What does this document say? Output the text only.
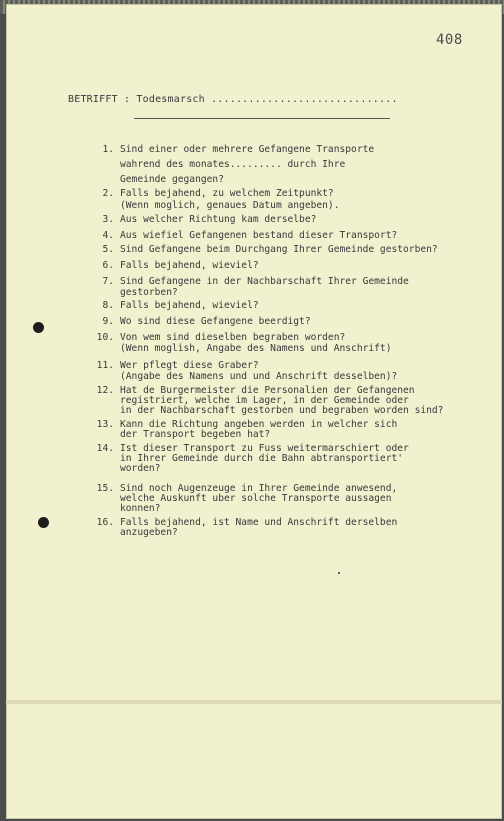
408
BETRIFFT : Todesmarsch ..............................
1. Sind einer oder mehrere Gefangene Transporte
wahrend des monates......... durch Ihre
Gemeinde gegangen?
2. Falls bejahend, zu welchem Zeitpunkt?
(Wenn moglich, genaues Datum angeben).
3. Aus welcher Richtung kam derselbe?
4. Aus wiefiel Gefangenen bestand dieser Transport?
5. Sind Gefangene beim Durchgang Ihrer Gemeinde gestorben?
6. Falls bejahend, wieviel?
7. Sind Gefangene in der Nachbarschaft Ihrer Gemeinde
gestorben?
8. Falls bejahend, wieviel?
9. Wo sind diese Gefangene beerdigt?
10. Von wem sind dieselben begraben worden?
(Wenn moglish, Angabe des Namens und Anschrift)
11. Wer pflegt diese Graber?
(Angabe des Namens und und Anschrift desselben)?
12. Hat de Burgermeister die Personalien der Gefangenen
registriert, welche im Lager, in der Gemeinde oder
in der Nachbarschaft gestorben und begraben worden sind?
13. Kann die Richtung angeben werden in welcher sich
der Transport begeben hat?
14. Ist dieser Transport zu Fuss weitermarschiert oder
in Ihrer Gemeinde durch die Bahn abtransportiert'
worden?
15. Sind noch Augenzeuge in Ihrer Gemeinde anwesend,
welche Auskunft uber solche Transporte aussagen
konnen?
16. Falls bejahend, ist Name und Anschrift derselben
anzugeben?
